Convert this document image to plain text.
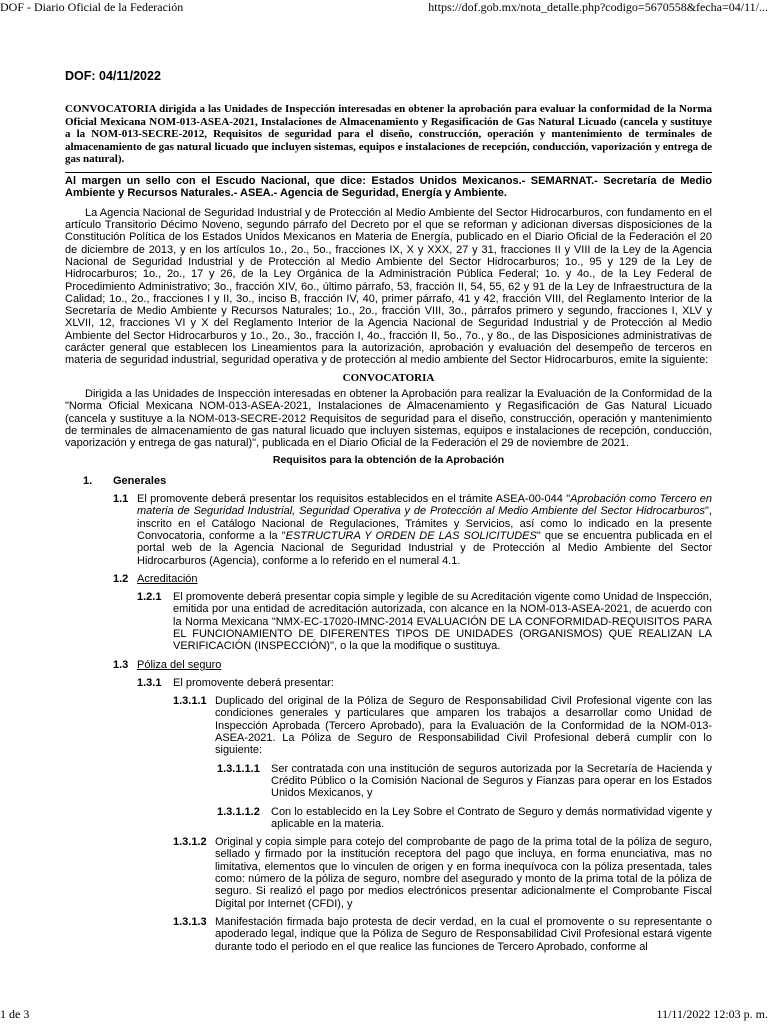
DOF - Diario Oficial de la Federación	https://dof.gob.mx/nota_detalle.php?codigo=5670558&fecha=04/11/...
DOF: 04/11/2022

CONVOCATORIA dirigida a las Unidades de Inspección interesadas en obtener la aprobación para evaluar la conformidad de la Norma Oficial Mexicana NOM-013-ASEA-2021, Instalaciones de Almacenamiento y Regasificación de Gas Natural Licuado (cancela y sustituye a la NOM-013-SECRE-2012, Requisitos de seguridad para el diseño, construcción, operación y mantenimiento de terminales de almacenamiento de gas natural licuado que incluyen sistemas, equipos e instalaciones de recepción, conducción, vaporización y entrega de gas natural).

Al margen un sello con el Escudo Nacional, que dice: Estados Unidos Mexicanos.- SEMARNAT.- Secretaría de Medio Ambiente y Recursos Naturales.- ASEA.- Agencia de Seguridad, Energía y Ambiente.

La Agencia Nacional de Seguridad Industrial y de Protección al Medio Ambiente del Sector Hidrocarburos, con fundamento en el artículo Transitorio Décimo Noveno, segundo párrafo del Decreto por el que se reforman y adicionan diversas disposiciones de la Constitución Política de los Estados Unidos Mexicanos en Materia de Energía, publicado en el Diario Oficial de la Federación el 20 de diciembre de 2013, y en los artículos 1o., 2o., 5o., fracciones IX, X y XXX, 27 y 31, fracciones II y VIII de la Ley de la Agencia Nacional de Seguridad Industrial y de Protección al Medio Ambiente del Sector Hidrocarburos; 1o., 95 y 129 de la Ley de Hidrocarburos; 1o., 2o., 17 y 26, de la Ley Orgánica de la Administración Pública Federal; 1o. y 4o., de la Ley Federal de Procedimiento Administrativo; 3o., fracción XIV, 6o., último párrafo, 53, fracción II, 54, 55, 62 y 91 de la Ley de Infraestructura de la Calidad; 1o., 2o., fracciones I y II, 3o., inciso B, fracción IV, 40, primer párrafo, 41 y 42, fracción VIII, del Reglamento Interior de la Secretaría de Medio Ambiente y Recursos Naturales; 1o., 2o., fracción VIII, 3o., párrafos primero y segundo, fracciones I, XLV y XLVII, 12, fracciones VI y X del Reglamento Interior de la Agencia Nacional de Seguridad Industrial y de Protección al Medio Ambiente del Sector Hidrocarburos y 1o., 2o., 3o., fracción I, 4o., fracción II, 5o., 7o., y 8o., de las Disposiciones administrativas de carácter general que establecen los Lineamientos para la autorización, aprobación y evaluación del desempeño de terceros en materia de seguridad industrial, seguridad operativa y de protección al medio ambiente del Sector Hidrocarburos, emite la siguiente:

CONVOCATORIA

Dirigida a las Unidades de Inspección interesadas en obtener la Aprobación para realizar la Evaluación de la Conformidad de la "Norma Oficial Mexicana NOM-013-ASEA-2021, Instalaciones de Almacenamiento y Regasificación de Gas Natural Licuado (cancela y sustituye a la NOM-013-SECRE-2012 Requisitos de seguridad para el diseño, construcción, operación y mantenimiento de terminales de almacenamiento de gas natural licuado que incluyen sistemas, equipos e instalaciones de recepción, conducción, vaporización y entrega de gas natural)", publicada en el Diario Oficial de la Federación el 29 de noviembre de 2021.

Requisitos para la obtención de la Aprobación
1. Generales
1.1 El promovente deberá presentar los requisitos establecidos en el trámite ASEA-00-044 "Aprobación como Tercero en materia de Seguridad Industrial, Seguridad Operativa y de Protección al Medio Ambiente del Sector Hidrocarburos", inscrito en el Catálogo Nacional de Regulaciones, Trámites y Servicios, así como lo indicado en la presente Convocatoria, conforme a la "ESTRUCTURA Y ORDEN DE LAS SOLICITUDES" que se encuentra publicada en el portal web de la Agencia Nacional de Seguridad Industrial y de Protección al Medio Ambiente del Sector Hidrocarburos (Agencia), conforme a lo referido en el numeral 4.1.

1.2 Acreditación
1.2.1	El promovente deberá presentar copia simple y legible de su Acreditación vigente como Unidad de Inspección, emitida por una entidad de acreditación autorizada, con alcance en la NOM-013-ASEA-2021, de acuerdo con la Norma Mexicana "NMX-EC-17020-IMNC-2014 EVALUACIÓN DE LA CONFORMIDAD-REQUISITOS PARA EL FUNCIONAMIENTO DE DIFERENTES TIPOS DE UNIDADES (ORGANISMOS) QUE REALIZAN LA VERIFICACIÓN (INSPECCIÓN)", o la que la modifique o sustituya.

1.3 Póliza del seguro
1.3.1	El promovente deberá presentar:

1.3.1.1 Duplicado del original de la Póliza de Seguro de Responsabilidad Civil Profesional vigente con las condiciones generales y particulares que amparen los trabajos a desarrollar como Unidad de Inspección Aprobada (Tercero Aprobado), para la Evaluación de la Conformidad de la NOM-013-ASEA-2021. La Póliza de Seguro de Responsabilidad Civil Profesional deberá cumplir con lo siguiente:

1.3.1.1.1 Ser contratada con una institución de seguros autorizada por la Secretaría de Hacienda y Crédito Público o la Comisión Nacional de Seguros y Fianzas para operar en los Estados Unidos Mexicanos, y

1.3.1.1.2 Con lo establecido en la Ley Sobre el Contrato de Seguro y demás normatividad vigente y aplicable en la materia.

1.3.1.2 Original y copia simple para cotejo del comprobante de pago de la prima total de la póliza de seguro, sellado y firmado por la institución receptora del pago que incluya, en forma enunciativa, mas no limitativa, elementos que lo vinculen de origen y en forma inequívoca con la póliza presentada, tales como: número de la póliza de seguro, nombre del asegurado y monto de la prima total de la póliza de seguro. Si realizó el pago por medios electrónicos presentar adicionalmente el Comprobante Fiscal Digital por Internet (CFDI), y

1.3.1.3 Manifestación firmada bajo protesta de decir verdad, en la cual el promovente o su representante o apoderado legal, indique que la Póliza de Seguro de Responsabilidad Civil Profesional estará vigente durante todo el periodo en el que realice las funciones de Tercero Aprobado, conforme al

1 de 3	11/11/2022 12:03 p. m.
